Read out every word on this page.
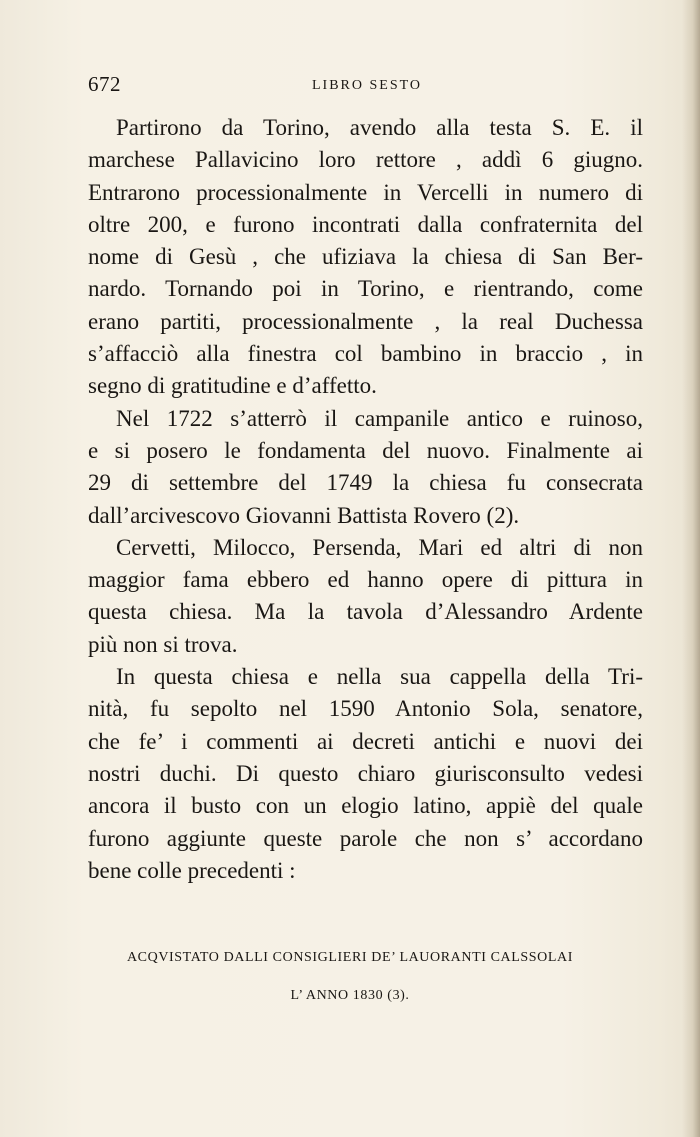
672	LIBRO SESTO
Partirono da Torino, avendo alla testa S. E. il
marchese Pallavicino loro rettore , addì 6 giugno.
Entrarono processionalmente in Vercelli in numero di
oltre 200, e furono incontrati dalla confraternita del
nome di Gesù , che ufiziava la chiesa di San Ber-
nardo. Tornando poi in Torino, e rientrando, come
erano partiti, processionalmente , la real Duchessa
s’affacciò alla finestra col bambino in braccio , in
segno di gratitudine e d’affetto.
Nel 1722 s’atterrò il campanile antico e ruinoso,
e si posero le fondamenta del nuovo. Finalmente ai
29 di settembre del 1749 la chiesa fu consecrata
dall’arcivescovo Giovanni Battista Rovero (2).
Cervetti, Milocco, Persenda, Mari ed altri di non
maggior fama ebbero ed hanno opere di pittura in
questa chiesa. Ma la tavola d’Alessandro Ardente
più non si trova.
In questa chiesa e nella sua cappella della Tri-
nità, fu sepolto nel 1590 Antonio Sola, senatore,
che fe’ i commenti ai decreti antichi e nuovi dei
nostri duchi. Di questo chiaro giurisconsulto vedesi
ancora il busto con un elogio latino, appiè del quale
furono aggiunte queste parole che non s’ accordano
bene colle precedenti :
ACQVISTATO DALLI CONSIGLIERI DE’ LAUORANTI CALSSOLAI
L’ ANNO 1830 (3).
